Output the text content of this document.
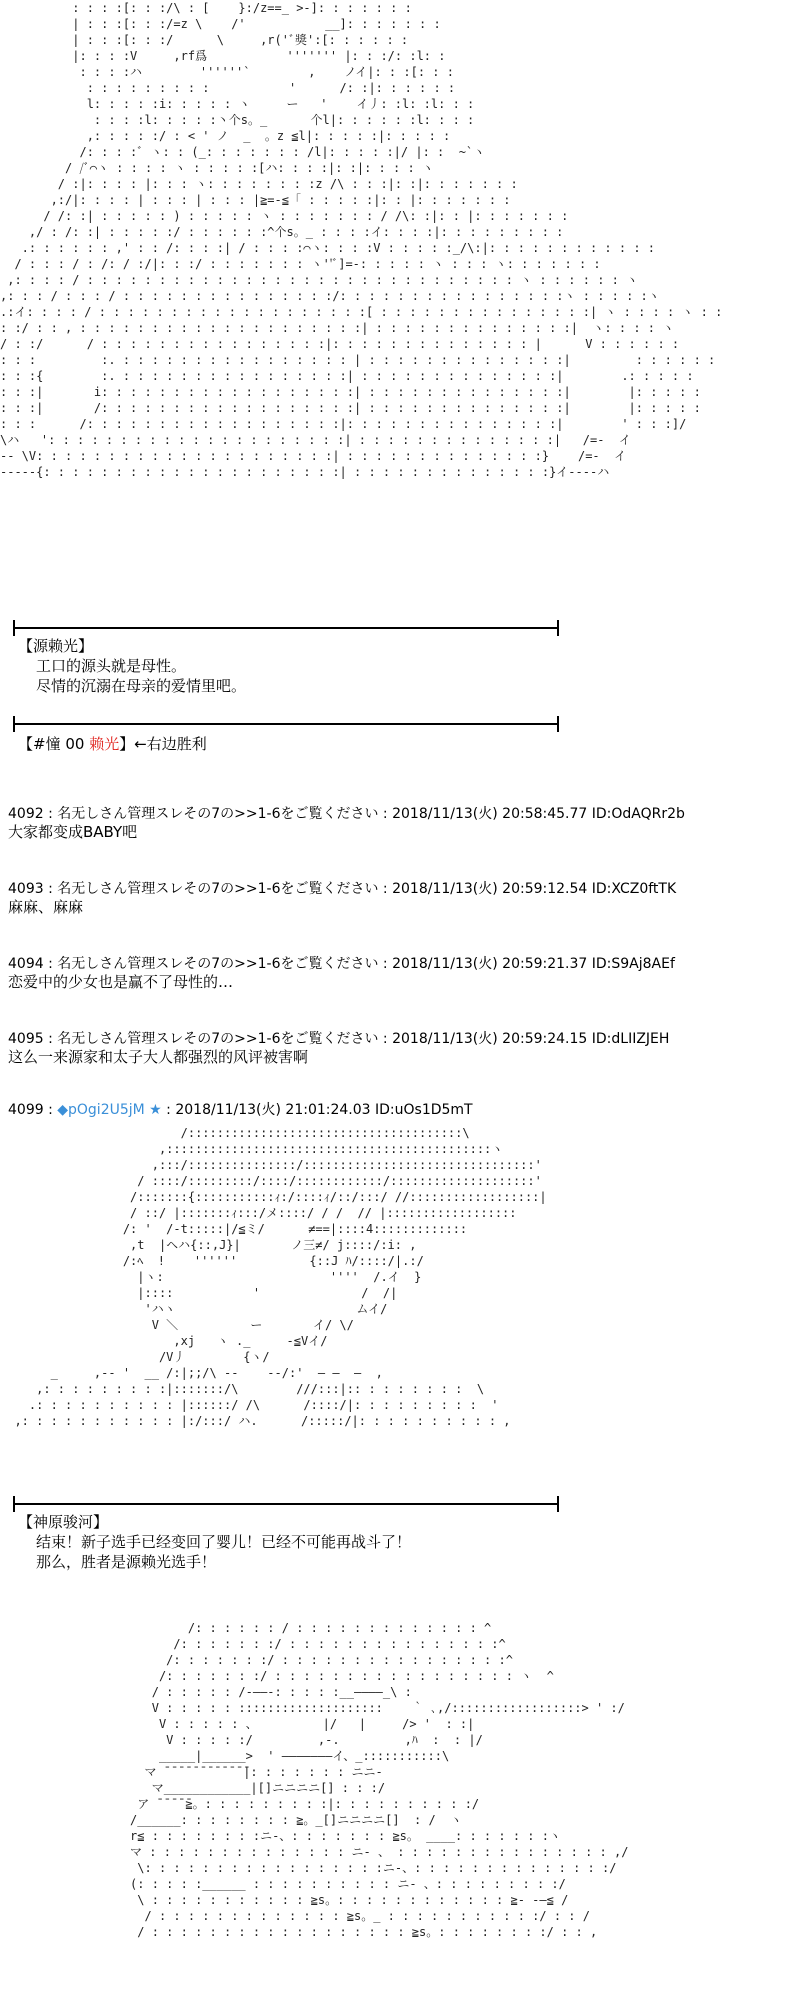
: : : :[: : :/\ : [    }:/z==_ >-]: : : : : : :
| : : :[: : :/=z \    /'           __]: : : : : : :
| : : :[: : :/      \     ,r('ﾞ獎':[: : : : : :
|: : : :V     ,rf爲           ''''''' |: : :/: :l: :
: : : :ハ        ''''''`        ,    ノイ|: : :[: : :
: : : : : : : : :           '      /: :|: : : : : :
l: : : : :i: : : : : ヽ     ー   '    イ丿: :l: :l: : :
: : : :l: : : : :丶个s。_      个l|: : : : : :l: : : :
,: : : : :/ : < ' ノ  _  。z ≦l|: : : : :|: : : : :
/: : : :ﾞ ヽ: : (_: : : : : : : /l|: : : : :|/ |: :  ~`ヽ
/ /ﾞ⌒ヽ : : : : ヽ : : : : :[ハ: : : :|: :|: : : : ヽ
/ :|: : : : |: : : ヽ: : : : : : : :z /\ : : :|: :|: : : : : : :
,:/|: : : : | : : : | : : : |≧=-≦「 : : : : :|: : |: : : : : : :
/ /: :| : : : : : ) : : : : : ヽ : : : : : : : / /\: :|: : |: : : : : : :
,/ : /: :| : : : : :/ : : : : : :^个s。_ : : : :イ: : : :|: : : : : : : : :
.: : : : : : ,' : : /: : : :| / : : : :⌒ヽ: : : :V : : : : :_/\:|: : : : : : : : : : : :
/ : : : / : /: / :/|: : :/ : : : : : : : ヽ''ﾞ]=-: : : : : ヽ : : : ヽ: : : : : : :
,: : : : / : : : : : : : : : : : : : : : : : : : : : : : : : : : : : : ヽ : : : : : : ヽ
,: : : / : : : / : : : : : : : : : : : : : : :/: : : : : : : : : : : : : : : :ヽ : : : : :ヽ
.:イ: : : : / : : : : : : : : : : : : : : : : : : :[ : : : : : : : : : : : : : : :| ヽ : : : : ヽ : :
: :/ : : , : : : : : : : : : : : : : : : : : : : :| : : : : : : : : : : : : : :|  ヽ: : : : ヽ
/ : :/      / : : : : : : : : : : : : : : : :|: : : : : : : : : : : : : : |      V : : : : : :
: : :         :. : : : : : : : : : : : : : : : : | : : : : : : : : : : : : : :|         : : : : : :
: : :{        :. : : : : : : : : : : : : : : : :| : : : : : : : : : : : : : :|        .: : : : :
: : :|       i: : : : : : : : : : : : : : : : : :| : : : : : : : : : : : : : :|        |: : : : :
: : :|       /: : : : : : : : : : : : : : : : : :| : : : : : : : : : : : : : :|        |: : : : :
: : :      /: : : : : : : : : : : : : : : : : :|: : : : : : : : : : : : : : :|        ' : : :]/
\ハ   ': : : : : : : : : : : : : : : : : : : : :| : : : : : : : : : : : : : :|   /=-  イ
-- \V: : : : : : : : : : : : : : : : : : : : :| : : : : : : : : : : : : : :}    /=-  イ
-----{: : : : : : : : : : : : : : : : : : : : :| : : : : : : : : : : : : : :}イ----ハ
【源赖光】
工口的源头就是母性。
尽情的沉溺在母亲的爱情里吧。
【#憧 00 赖光】←右边胜利
4092 : 名无しさん管理スレその7の>>1-6をご覧ください : 2018/11/13(火) 20:58:45.77 ID:OdAQRr2b
大家都变成BABY吧
4093 : 名无しさん管理スレその7の>>1-6をご覧ください : 2018/11/13(火) 20:59:12.54 ID:XCZ0ftTK
麻麻、麻麻
4094 : 名无しさん管理スレその7の>>1-6をご覧ください : 2018/11/13(火) 20:59:21.37 ID:S9Aj8AEf
恋爱中的少女也是赢不了母性的…
4095 : 名无しさん管理スレその7の>>1-6をご覧ください : 2018/11/13(火) 20:59:24.15 ID:dLIIZJEH
这么一来源家和太子大人都强烈的风评被害啊
4099 : ◆pOgi2U5jM ★ : 2018/11/13(火) 21:01:24.03 ID:uOs1D5mT
/::::::::::::::::::::::::::::::::::::::\
,:::::::::::::::::::::::::::::::::::::::::::::ヽ
,:::/:::::::::::::::/::::::::::::::::::::::::::::::::'
/ ::::/:::::::::/::::/::::::::::::/::::::::::::::::::::'
/:::::::{:::::::::::ｨ:/::::ｨ/::/:::/ //::::::::::::::::::|
/ ::/ |:::::::ｨ:::/メ::::/ / /  // |::::::::::::::::::
/: '  /-t:::::|/≦ミ/      ≠==|::::4:::::::::::::
,t  |ヘハ{::,J}|       ノ三≠/ j::::/:i: ,
/:ﾍ  !    ''''''          {::J ﾊ/::::/|.:/
|ヽ:                       ''''  /.イ  }
|::::           '              /  /|
'ハヽ                         ムイ/
V ＼          ー       イ/ \/
,xj   ヽ ._     -≦Vイ/
/V丿        {ヽ/
_     ,-‐ '  __ /:|;;/\ --    --/:'  ― ―  ―  ,
,: : : : : : : : :|:::::::/\        ///:::|:: : : : : : : :  \
.: : : : : : : : : : |::::::/ /\      /::::/|: : : : : : : : :  '
,: : : : : : : : : : : |:/:::/ ハ.      /:::::/|: : : : : : : : : : ,
【神原骏河】
结束！新子选手已经变回了婴儿！已经不可能再战斗了！
那么，胜者是源赖光选手！
/: : : : : : / : : : : : : : : : : : : : ^
/: : : : : : :/ : : : : : : : : : : : : : : :^
/: : : : : : :/ : : : : : : : : : : : : : : : :^
/: : : : : : :/ : : : : : : : : : : : : : : : : : ヽ  ^
/ : : : : : /-――-: : : : :__――――_\ :
V : : : : : ::::::::::::::::::::    ｀ ､,/::::::::::::::::::> ' :/
V : : : : : 、         |/   |     /> '  : :|
V : : : : :/         ,-.         ,ﾊ  :  : |/
_____|______>  ' ―――――――イ、_:::::::::::\
マ ̄ ̄ ̄ ̄ ̄ ̄ ̄ ̄ ̄ ̄ ̄ ̄|: : : : : : : ニニ-
マ____________|[]ニニニニ[] : : :/
ア ̄ ̄ ̄ ̄ ̄≧。: : : : : : : : :|: : : : : : : : : :/
/______: : : : : : : : ≧。_[]ニニニニ[]  : /  ヽ
r≦ : : : : : : : :ニ-、: : : : : : : ≧s。 ____: : : : : : :ヽ
マ : : : : : : : : : : : : : : ニ- 、 : : : : : : : : : : : : : : : ,/
\: : : : : : : : : : : : : : : : :ニ-、: : : : : : : : : : : : : :/
(: : : : :______ : : : : : : : : : : ニ- 、: : : : : : : : :/
\ : : : : : : : : : : : ≧s。: : : : : : : : : : : : ≧- -―≦ /
/ : : : : : : : : : : : : : ≧s。_ : : : : : : : : : : :/ : : /
/ : : : : : : : : : : : : : : : : : : ≧s。: : : : : : : :/ : : ,
